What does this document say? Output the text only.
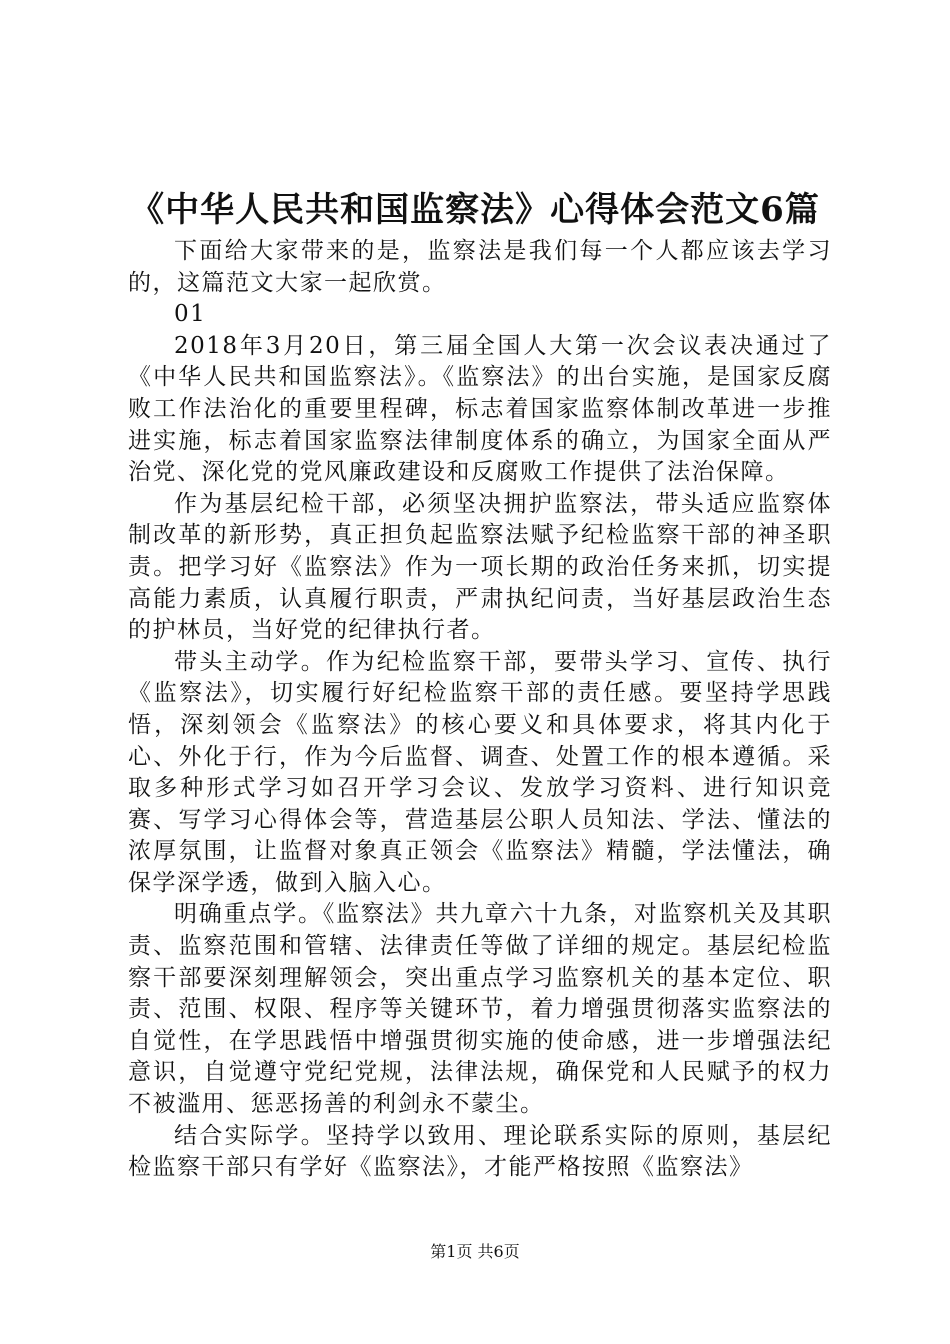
《中华人民共和国监察法》心得体会范文6篇

下面给大家带来的是，监察法是我们每一个人都应该去学习的，这篇范文大家一起欣赏。

01

2018年3月20日，第三届全国人大第一次会议表决通过了《中华人民共和国监察法》。《监察法》的出台实施，是国家反腐败工作法治化的重要里程碑，标志着国家监察体制改革进一步推进实施，标志着国家监察法律制度体系的确立，为国家全面从严治党、深化党的党风廉政建设和反腐败工作提供了法治保障。

作为基层纪检干部，必须坚决拥护监察法，带头适应监察体制改革的新形势，真正担负起监察法赋予纪检监察干部的神圣职责。把学习好《监察法》作为一项长期的政治任务来抓，切实提高能力素质，认真履行职责，严肃执纪问责，当好基层政治生态的护林员，当好党的纪律执行者。

带头主动学。作为纪检监察干部，要带头学习、宣传、执行《监察法》，切实履行好纪检监察干部的责任感。要坚持学思践悟，深刻领会《监察法》的核心要义和具体要求，将其内化于心、外化于行，作为今后监督、调查、处置工作的根本遵循。采取多种形式学习如召开学习会议、发放学习资料、进行知识竞赛、写学习心得体会等，营造基层公职人员知法、学法、懂法的浓厚氛围，让监督对象真正领会《监察法》精髓，学法懂法，确保学深学透，做到入脑入心。

明确重点学。《监察法》共九章六十九条，对监察机关及其职责、监察范围和管辖、法律责任等做了详细的规定。基层纪检监察干部要深刻理解领会，突出重点学习监察机关的基本定位、职责、范围、权限、程序等关键环节，着力增强贯彻落实监察法的自觉性，在学思践悟中增强贯彻实施的使命感，进一步增强法纪意识，自觉遵守党纪党规，法律法规，确保党和人民赋予的权力不被滥用、惩恶扬善的利剑永不蒙尘。

结合实际学。坚持学以致用、理论联系实际的原则，基层纪检监察干部只有学好《监察法》，才能严格按照《监察法》

第1页 共6页
